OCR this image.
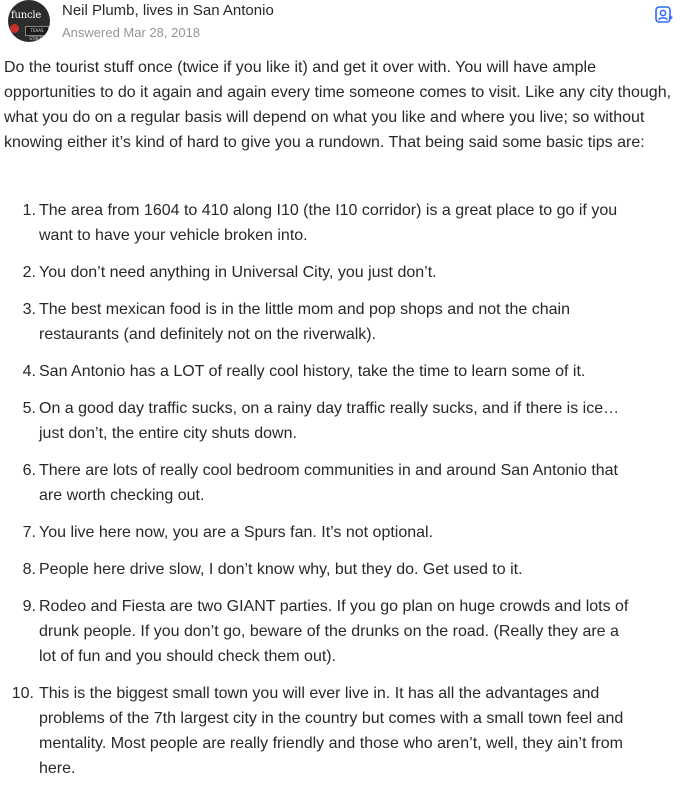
funcle
TEXAS STREET
Neil Plumb, lives in San Antonio
Answered Mar 28, 2018

Do the tourist stuff once (twice if you like it) and get it over with. You will have ample opportunities to do it again and again every time someone comes to visit. Like any city though, what you do on a regular basis will depend on what you like and where you live; so without knowing either it’s kind of hard to give you a rundown. That being said some basic tips are:

1. The area from 1604 to 410 along I10 (the I10 corridor) is a great place to go if you want to have your vehicle broken into.
2. You don’t need anything in Universal City, you just don’t.
3. The best mexican food is in the little mom and pop shops and not the chain restaurants (and definitely not on the riverwalk).
4. San Antonio has a LOT of really cool history, take the time to learn some of it.
5. On a good day traffic sucks, on a rainy day traffic really sucks, and if there is ice… just don’t, the entire city shuts down.
6. There are lots of really cool bedroom communities in and around San Antonio that are worth checking out.
7. You live here now, you are a Spurs fan. It’s not optional.
8. People here drive slow, I don’t know why, but they do. Get used to it.
9. Rodeo and Fiesta are two GIANT parties. If you go plan on huge crowds and lots of drunk people. If you don’t go, beware of the drunks on the road. (Really they are a lot of fun and you should check them out).
10. This is the biggest small town you will ever live in. It has all the advantages and problems of the 7th largest city in the country but comes with a small town feel and mentality. Most people are really friendly and those who aren’t, well, they ain’t from here.
